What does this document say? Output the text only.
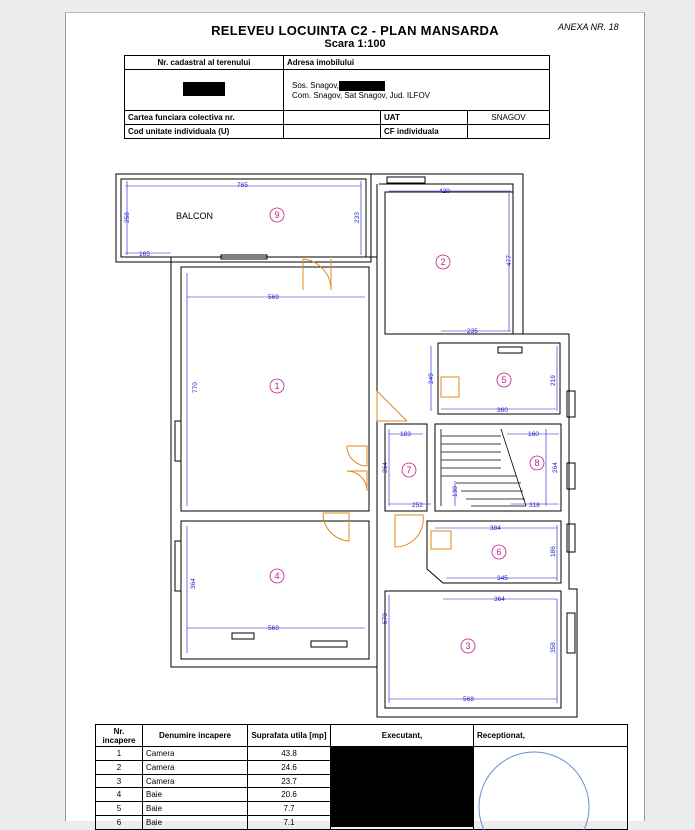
RELEVEU LOCUINTA C2 - PLAN MANSARDA
Scara 1:100
ANEXA NR. 18
Nr. cadastral al terenului	Adresa imobilului		

	Sos. Snagov,
Com. Snagov, Sat Snagov, Jud. ILFOV		

Cartea funciara colectiva nr.		UAT	SNAGOV
Cod unitate individuala (U)		CF individuala	
765
258	233
165
420
477
235
569
770
249	219
360
183	160
264	264
130
252	318
384
186
345
364
569
364
570
358
568
9
1
2
4
5
6
7
8
3
BALCON
Nr. incapere	Denumire incapere	Suprafata utila [mp]	Executant,	Receptionat,
1	Camera	43.8		
2	Camera	24.6		
3	Camera	23.7		
4	Baie	20.6		
5	Baie	7.7		
6	Baie	7.1		
